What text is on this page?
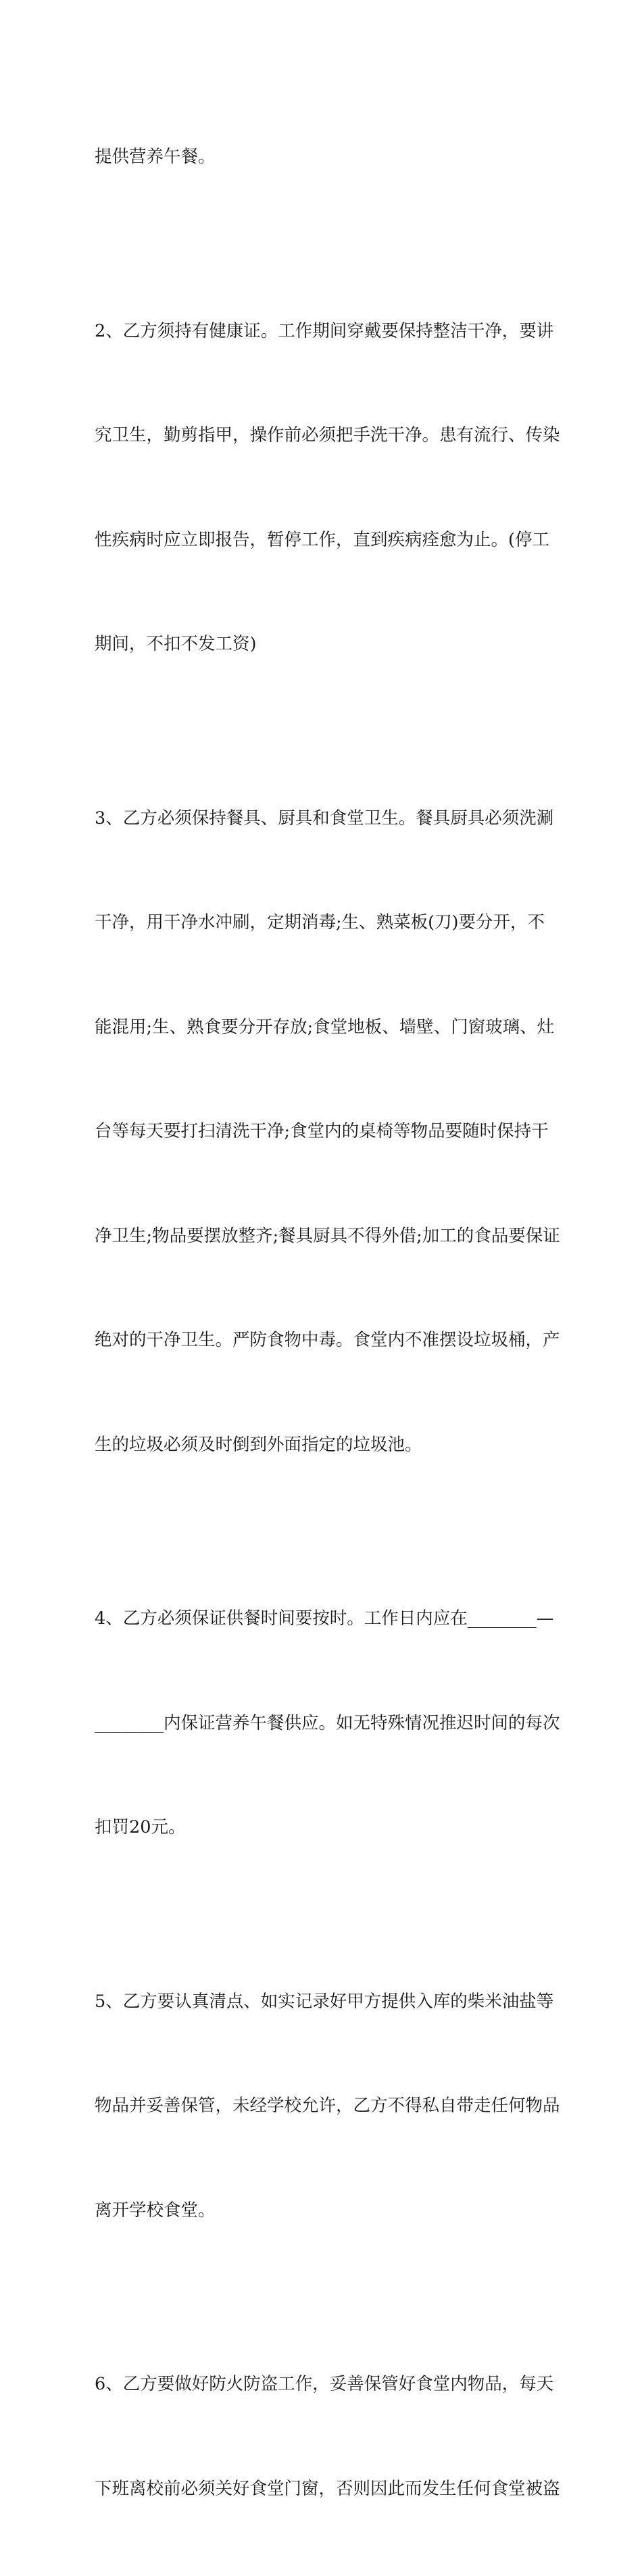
提供营养午餐。

2、乙方须持有健康证。工作期间穿戴要保持整洁干净，要讲

究卫生，勤剪指甲，操作前必须把手洗干净。患有流行、传染

性疾病时应立即报告，暂停工作，直到疾病痊愈为止。(停工

期间，不扣不发工资)

3、乙方必须保持餐具、厨具和食堂卫生。餐具厨具必须洗涮

干净，用干净水冲刷，定期消毒;生、熟菜板(刀)要分开，不

能混用;生、熟食要分开存放;食堂地板、墙壁、门窗玻璃、灶

台等每天要打扫清洗干净;食堂内的桌椅等物品要随时保持干

净卫生;物品要摆放整齐;餐具厨具不得外借;加工的食品要保证

绝对的干净卫生。严防食物中毒。食堂内不准摆设垃圾桶，产

生的垃圾必须及时倒到外面指定的垃圾池。

4、乙方必须保证供餐时间要按时。工作日内应在________—

________内保证营养午餐供应。如无特殊情况推迟时间的每次

扣罚20元。

5、乙方要认真清点、如实记录好甲方提供入库的柴米油盐等

物品并妥善保管，未经学校允许，乙方不得私自带走任何物品

离开学校食堂。

6、乙方要做好防火防盗工作，妥善保管好食堂内物品，每天

下班离校前必须关好食堂门窗，否则因此而发生任何食堂被盗
